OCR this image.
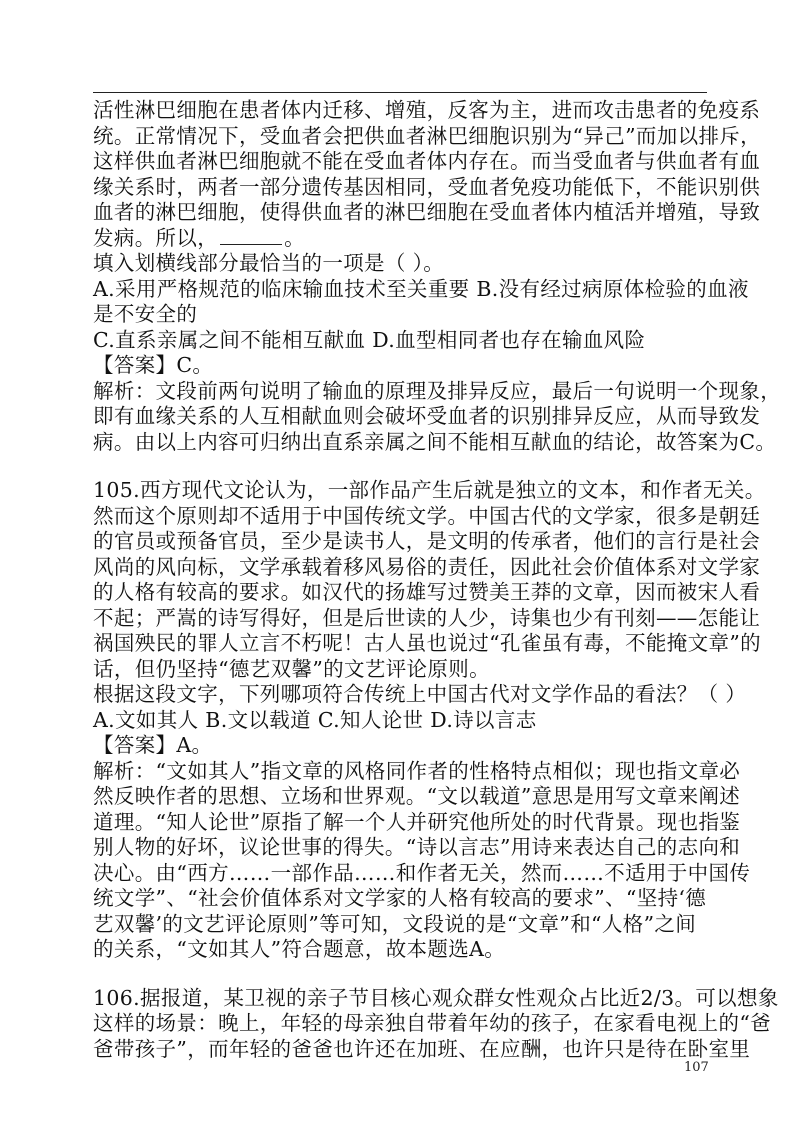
活性淋巴细胞在患者体内迁移、增殖，反客为主，进而攻击患者的免疫系
统。正常情况下，受血者会把供血者淋巴细胞识别为“异己”而加以排斥，
这样供血者淋巴细胞就不能在受血者体内存在。而当受血者与供血者有血
缘关系时，两者一部分遗传基因相同，受血者免疫功能低下，不能识别供
血者的淋巴细胞，使得供血者的淋巴细胞在受血者体内植活并增殖，导致
发病。所以，	。
填入划横线部分最恰当的一项是（ ）。
A.采用严格规范的临床输血技术至关重要 B.没有经过病原体检验的血液
是不安全的
C.直系亲属之间不能相互献血 D.血型相同者也存在输血风险
【答案】C。
解析：文段前两句说明了输血的原理及排异反应，最后一句说明一个现象，
即有血缘关系的人互相献血则会破坏受血者的识别排异反应，从而导致发
病。由以上内容可归纳出直系亲属之间不能相互献血的结论，故答案为C。
105.西方现代文论认为，一部作品产生后就是独立的文本，和作者无关。
然而这个原则却不适用于中国传统文学。中国古代的文学家，很多是朝廷
的官员或预备官员，至少是读书人，是文明的传承者，他们的言行是社会
风尚的风向标，文学承载着移风易俗的责任，因此社会价值体系对文学家
的人格有较高的要求。如汉代的扬雄写过赞美王莽的文章，因而被宋人看
不起；严嵩的诗写得好，但是后世读的人少，诗集也少有刊刻——怎能让
祸国殃民的罪人立言不朽呢！古人虽也说过“孔雀虽有毒，不能掩文章”的
话，但仍坚持“德艺双馨”的文艺评论原则。
根据这段文字，下列哪项符合传统上中国古代对文学作品的看法？（ ）
A.文如其人 B.文以载道 C.知人论世 D.诗以言志
【答案】A。
解析：“文如其人”指文章的风格同作者的性格特点相似；现也指文章必
然反映作者的思想、立场和世界观。“文以载道”意思是用写文章来阐述
道理。“知人论世”原指了解一个人并研究他所处的时代背景。现也指鉴
别人物的好坏，议论世事的得失。“诗以言志”用诗来表达自己的志向和
决心。由“西方……一部作品……和作者无关，然而……不适用于中国传
统文学”、“社会价值体系对文学家的人格有较高的要求”、“坚持‘德
艺双馨’的文艺评论原则”等可知，文段说的是“文章”和“人格”之间
的关系，“文如其人”符合题意，故本题选A。
106.据报道，某卫视的亲子节目核心观众群女性观众占比近2/3。可以想象
这样的场景：晚上，年轻的母亲独自带着年幼的孩子，在家看电视上的“爸
爸带孩子”，而年轻的爸爸也许还在加班、在应酬，也许只是待在卧室里
107
